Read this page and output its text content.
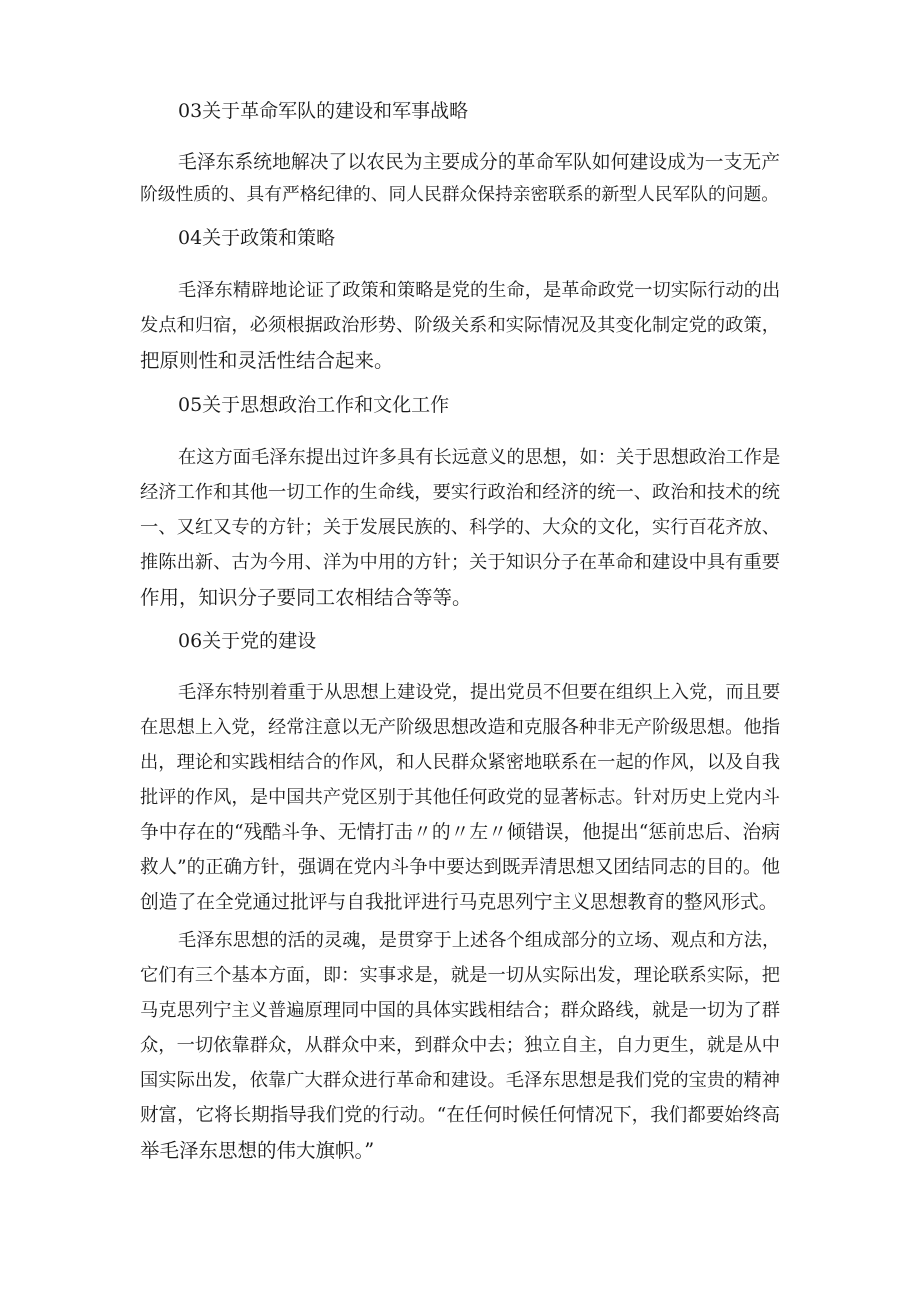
03关于革命军队的建设和军事战略
毛泽东系统地解决了以农民为主要成分的革命军队如何建设成为一支无产
阶级性质的、具有严格纪律的、同人民群众保持亲密联系的新型人民军队的问题。
04关于政策和策略
毛泽东精辟地论证了政策和策略是党的生命，是革命政党一切实际行动的出
发点和归宿，必须根据政治形势、阶级关系和实际情况及其变化制定党的政策，
把原则性和灵活性结合起来。
05关于思想政治工作和文化工作
在这方面毛泽东提出过许多具有长远意义的思想，如：关于思想政治工作是
经济工作和其他一切工作的生命线，要实行政治和经济的统一、政治和技术的统
一、又红又专的方针；关于发展民族的、科学的、大众的文化，实行百花齐放、
推陈出新、古为今用、洋为中用的方针；关于知识分子在革命和建设中具有重要
作用，知识分子要同工农相结合等等。
06关于党的建设
毛泽东特别着重于从思想上建设党，提出党员不但要在组织上入党，而且要
在思想上入党，经常注意以无产阶级思想改造和克服各种非无产阶级思想。他指
出，理论和实践相结合的作风，和人民群众紧密地联系在一起的作风，以及自我
批评的作风，是中国共产党区别于其他任何政党的显著标志。针对历史上党内斗
争中存在的“残酷斗争、无情打击〃的〃左〃倾错误，他提出“惩前忠后、治病
救人”的正确方针，强调在党内斗争中要达到既弄清思想又团结同志的目的。他
创造了在全党通过批评与自我批评进行马克思列宁主义思想教育的整风形式。
毛泽东思想的活的灵魂，是贯穿于上述各个组成部分的立场、观点和方法，
它们有三个基本方面，即：实事求是，就是一切从实际出发，理论联系实际，把
马克思列宁主义普遍原理同中国的具体实践相结合；群众路线，就是一切为了群
众，一切依靠群众，从群众中来，到群众中去；独立自主，自力更生，就是从中
国实际出发，依靠广大群众进行革命和建设。毛泽东思想是我们党的宝贵的精神
财富，它将长期指导我们党的行动。“在任何时候任何情况下，我们都要始终高
举毛泽东思想的伟大旗帜。”
